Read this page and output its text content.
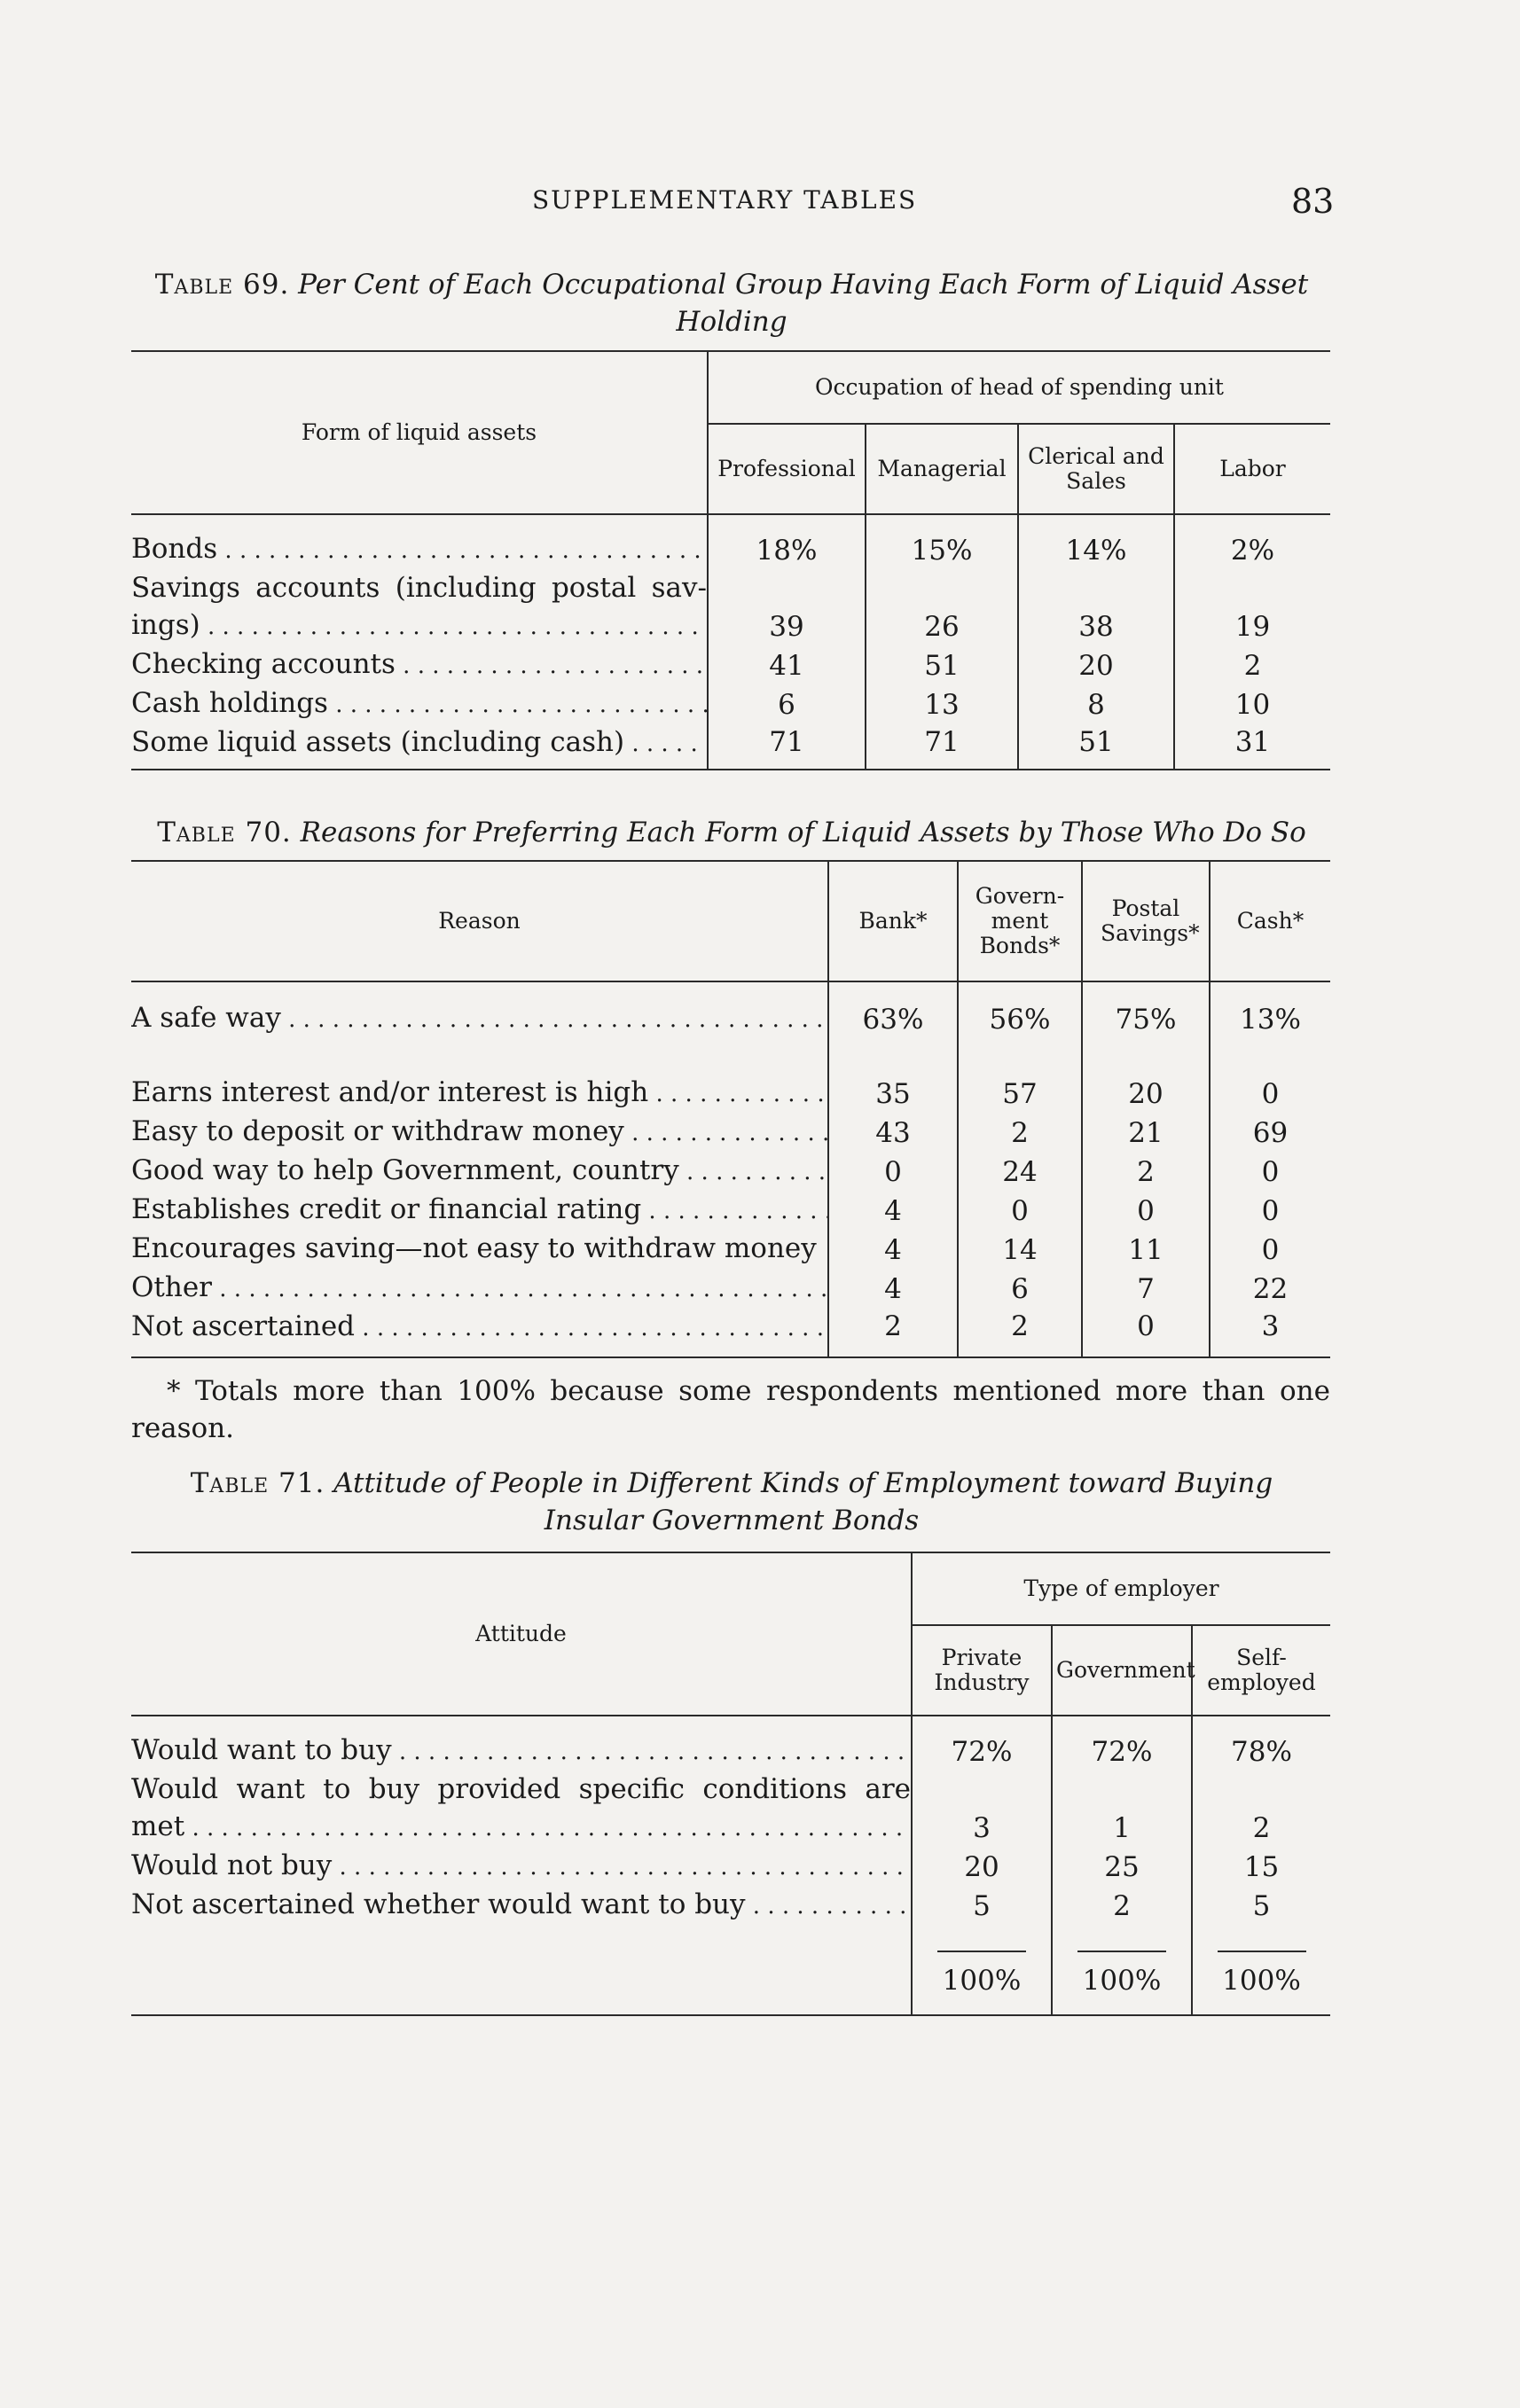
SUPPLEMENTARY TABLES	83
Table 69. Per Cent of Each Occupational Group Having Each Form of Liquid Asset Holding
Form of liquid assets	Occupation of head of spending unit			
	Professional	Managerial	Clerical and Sales	Labor

Bonds . . .	18%	15%	14%	2%

Savings accounts (including postal sav-				

ings) . . .	39	26	38	19

Checking accounts . . .	41	51	20	2

Cash holdings . . .	6	13	8	10

Some liquid assets (including cash) . . .	71	71	51	31
Table 70. Reasons for Preferring Each Form of Liquid Assets by Those Who Do So
Reason	Bank*	Govern-
ment
Bonds*	Postal Savings*	Cash*

A safe way . . .	63%	56%	75%	13%

Earns interest and/or interest is high . . .	35	57	20	0

Easy to deposit or withdraw money . . .	43	2	21	69

Good way to help Government, country . . .	0	24	2	0

Establishes credit or financial rating . . .	4	0	0	0

Encourages saving—not easy to withdraw money	4	14	11	0

Other . . .	4	6	7	22

Not ascertained . . .	2	2	0	3
* Totals more than 100% because some respondents mentioned more than one reason.
Table 71. Attitude of People in Different Kinds of Employment toward Buying
Insular Government Bonds
Attitude	Type of employer		
	Private Industry	Government	Self-
employed

Would want to buy . . .	72%	72%	78%

Would want to buy provided specific conditions are			

met . . .	3	1	2

Would not buy . . .	20	25	15

Not ascertained whether would want to buy . . .	5	2	5

	100%	100%	100%
